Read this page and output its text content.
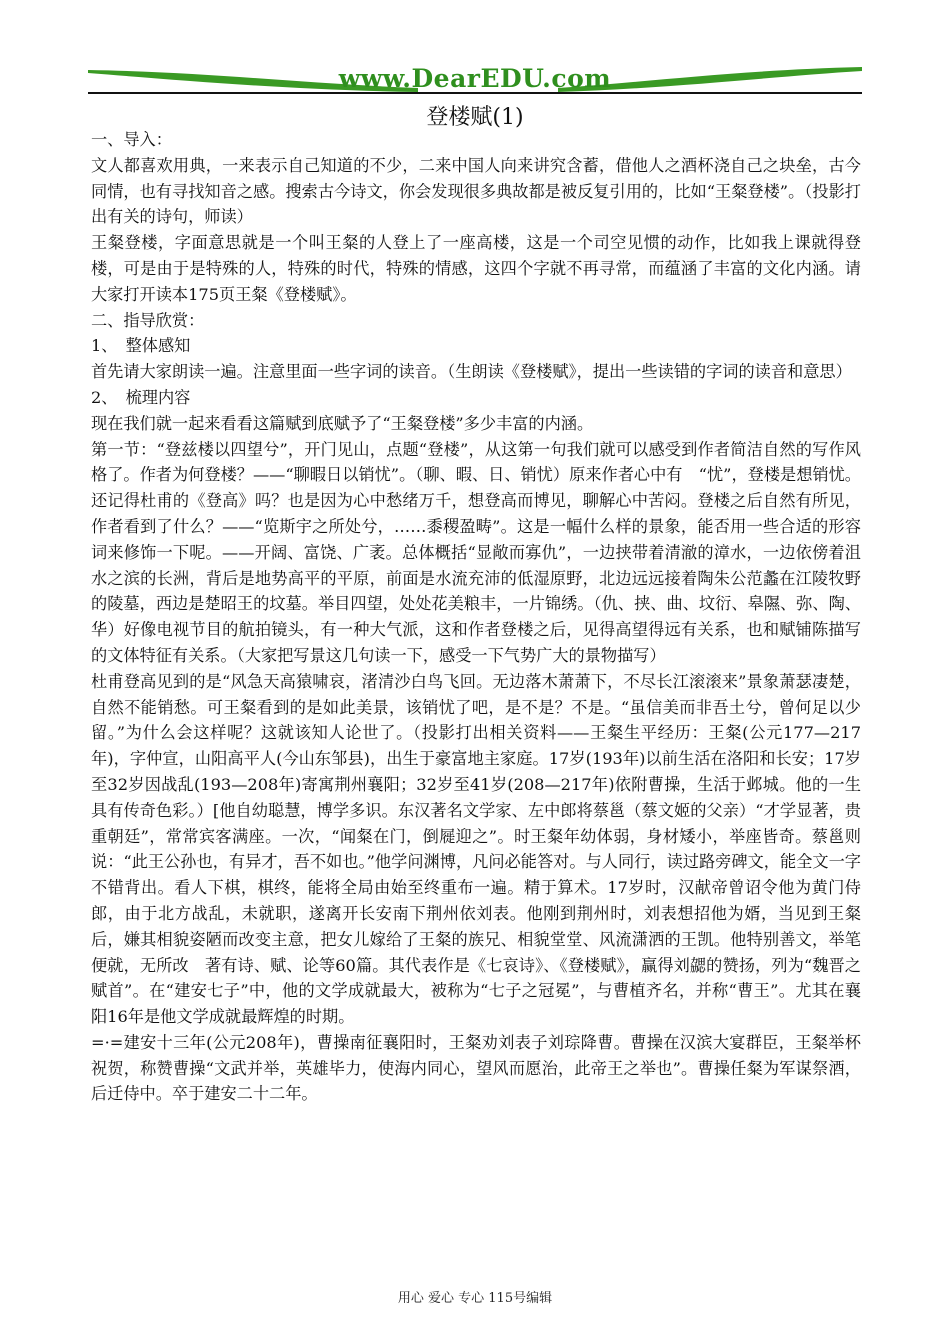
www.DearEDU.com
登楼赋(1)

一、导入：

文人都喜欢用典，一来表示自己知道的不少，二来中国人向来讲究含蓄，借他人之酒杯浇自己之块垒，古今同情，也有寻找知音之感。搜索古今诗文，你会发现很多典故都是被反复引用的，比如“王粲登楼”。（投影打出有关的诗句，师读）

王粲登楼，字面意思就是一个叫王粲的人登上了一座高楼，这是一个司空见惯的动作，比如我上课就得登楼，可是由于是特殊的人，特殊的时代，特殊的情感，这四个字就不再寻常，而蕴涵了丰富的文化内涵。请大家打开读本175页王粲《登楼赋》。

二、指导欣赏：

1、　整体感知

首先请大家朗读一遍。注意里面一些字词的读音。（生朗读《登楼赋》，提出一些读错的字词的读音和意思）

2、　梳理内容

现在我们就一起来看看这篇赋到底赋予了“王粲登楼”多少丰富的内涵。

第一节：“登兹楼以四望兮”，开门见山，点题“登楼”，从这第一句我们就可以感受到作者简洁自然的写作风格了。作者为何登楼？——“聊暇日以销忧”。（聊、暇、日、销忧）原来作者心中有　“忧”，登楼是想销忧。还记得杜甫的《登高》吗？也是因为心中愁绪万千，想登高而博见，聊解心中苦闷。登楼之后自然有所见，作者看到了什么？——“览斯宇之所处兮，……黍稷盈畴”。这是一幅什么样的景象，能否用一些合适的形容词来修饰一下呢。——开阔、富饶、广袤。总体概括“显敞而寡仇”，一边挟带着清澈的漳水，一边依傍着沮水之滨的长洲，背后是地势高平的平原，前面是水流充沛的低湿原野，北边远远接着陶朱公范蠡在江陵牧野的陵墓，西边是楚昭王的坟墓。举目四望，处处花美粮丰，一片锦绣。（仇、挟、曲、坟衍、皋隰、弥、陶、华）好像电视节目的航拍镜头，有一种大气派，这和作者登楼之后，见得高望得远有关系，也和赋铺陈描写的文体特征有关系。（大家把写景这几句读一下，感受一下气势广大的景物描写）

杜甫登高见到的是“风急天高猿啸哀，渚清沙白鸟飞回。无边落木萧萧下，不尽长江滚滚来”景象萧瑟凄楚，自然不能销愁。可王粲看到的是如此美景，该销忧了吧，是不是？不是。“虽信美而非吾土兮，曾何足以少留。”为什么会这样呢？这就该知人论世了。（投影打出相关资料——王粲生平经历：王粲(公元177—217年)，字仲宣，山阳高平人(今山东邹县)，出生于豪富地主家庭。17岁(193年)以前生活在洛阳和长安；17岁至32岁因战乱(193—208年)寄寓荆州襄阳；32岁至41岁(208—217年)依附曹操，生活于邺城。他的一生具有传奇色彩。）[他自幼聪慧，博学多识。东汉著名文学家、左中郎将蔡邕（蔡文姬的父亲）“才学显著，贵重朝廷”，常常宾客满座。一次，“闻粲在门，倒屣迎之”。时王粲年幼体弱，身材矮小，举座皆奇。蔡邕则说：“此王公孙也，有异才，吾不如也。”他学问渊博，凡问必能答对。与人同行，读过路旁碑文，能全文一字不错背出。看人下棋，棋终，能将全局由始至终重布一遍。精于算术。17岁时，汉献帝曾诏令他为黄门侍郎，由于北方战乱，未就职，遂离开长安南下荆州依刘表。他刚到荆州时，刘表想招他为婿，当见到王粲后，嫌其相貌姿陋而改变主意，把女儿嫁给了王粲的族兄、相貌堂堂、风流潇洒的王凯。他特别善文，举笔便就，无所改　著有诗、赋、论等60篇。其代表作是《七哀诗》、《登楼赋》，赢得刘勰的赞扬，列为“魏晋之赋首”。在“建安七子”中，他的文学成就最大，被称为“七子之冠冕”，与曹植齐名，并称“曹王”。尤其在襄阳16年是他文学成就最辉煌的时期。

=·=建安十三年(公元208年)，曹操南征襄阳时，王粲劝刘表子刘琮降曹。曹操在汉滨大宴群臣，王粲举杯祝贺，称赞曹操“文武并举，英雄毕力，使海内同心，望风而愿治，此帝王之举也”。曹操任粲为军谋祭酒，后迁侍中。卒于建安二十二年。

用心 爱心 专心 115号编辑
